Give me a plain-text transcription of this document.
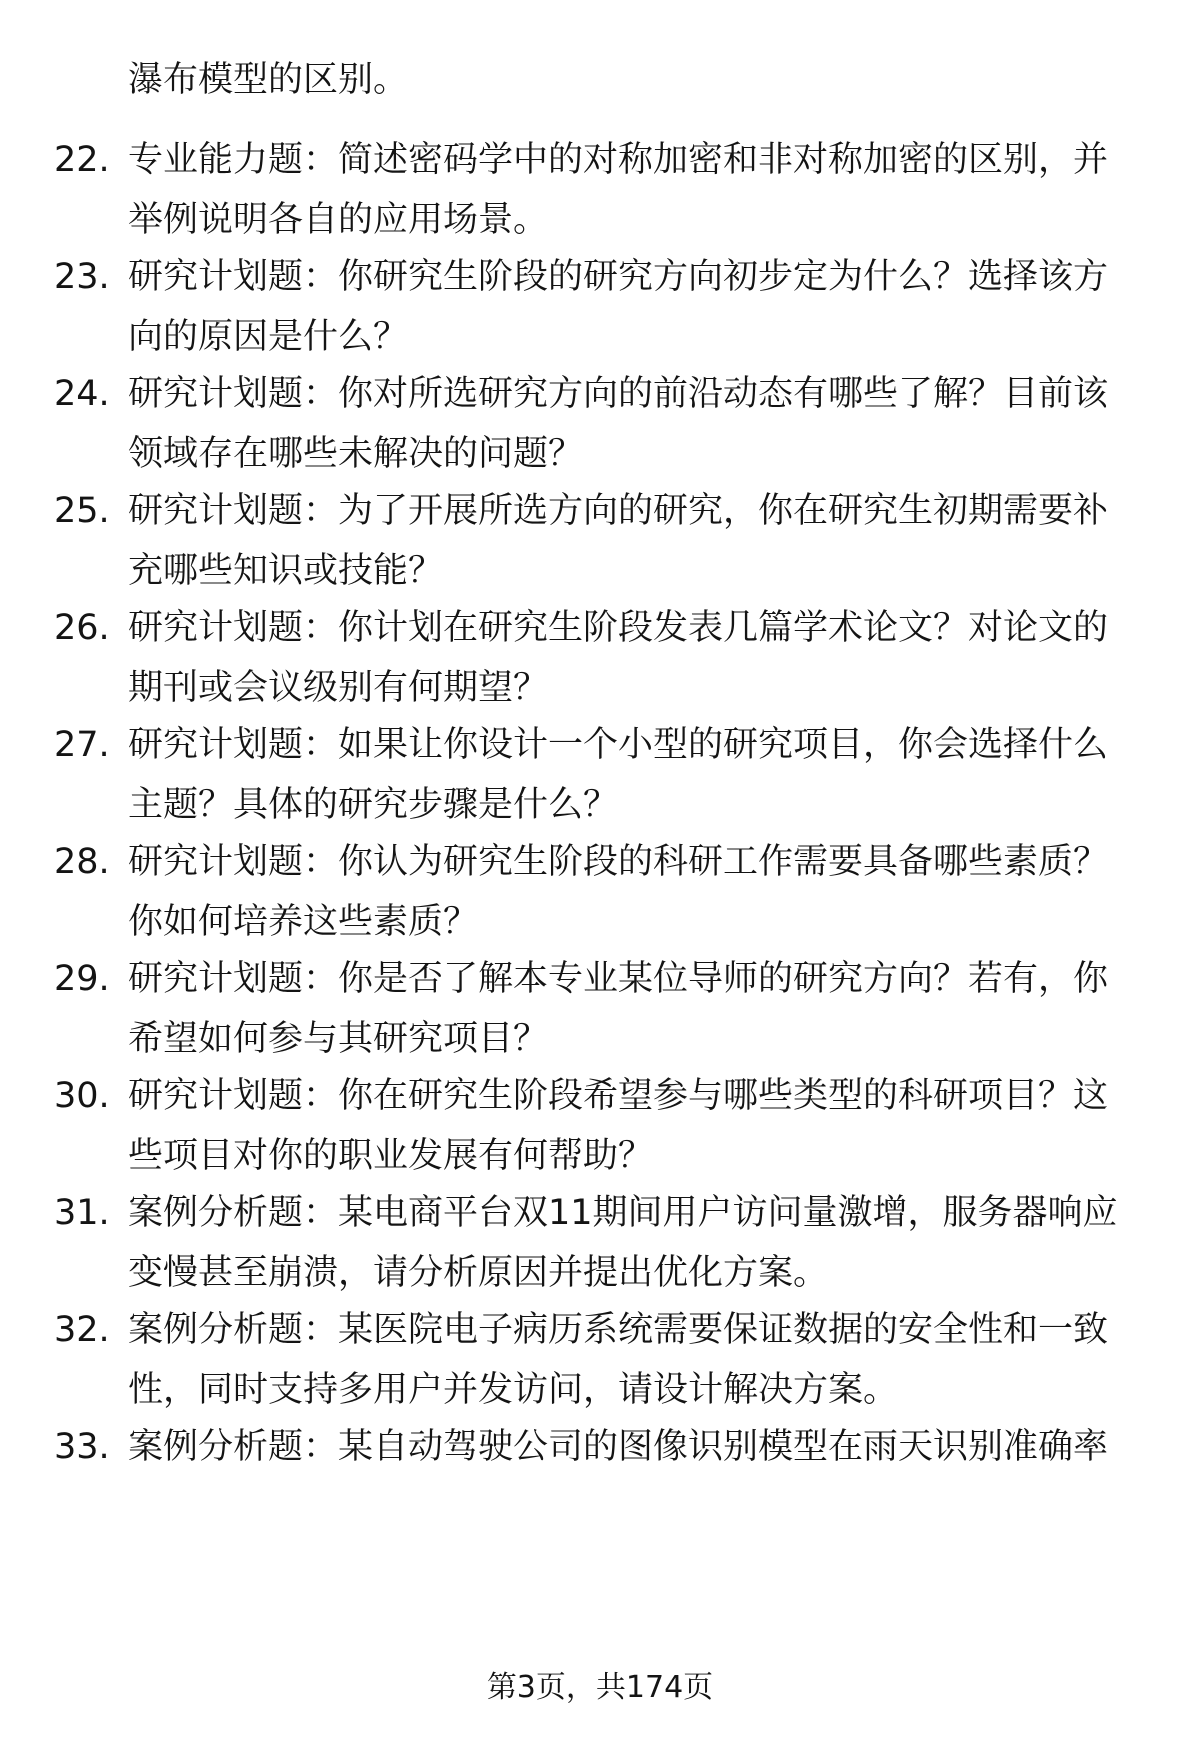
瀑布模型的区别。

22. 专业能力题：简述密码学中的对称加密和非对称加密的区别，并

举例说明各自的应用场景。

23. 研究计划题：你研究生阶段的研究方向初步定为什么？选择该方

向的原因是什么？

24. 研究计划题：你对所选研究方向的前沿动态有哪些了解？目前该

领域存在哪些未解决的问题？

25. 研究计划题：为了开展所选方向的研究，你在研究生初期需要补

充哪些知识或技能？

26. 研究计划题：你计划在研究生阶段发表几篇学术论文？对论文的

期刊或会议级别有何期望？

27. 研究计划题：如果让你设计一个小型的研究项目，你会选择什么

主题？具体的研究步骤是什么？

28. 研究计划题：你认为研究生阶段的科研工作需要具备哪些素质？

你如何培养这些素质？

29. 研究计划题：你是否了解本专业某位导师的研究方向？若有，你

希望如何参与其研究项目？

30. 研究计划题：你在研究生阶段希望参与哪些类型的科研项目？这

些项目对你的职业发展有何帮助？

31. 案例分析题：某电商平台双11期间用户访问量激增，服务器响应

变慢甚至崩溃，请分析原因并提出优化方案。

32. 案例分析题：某医院电子病历系统需要保证数据的安全性和一致

性，同时支持多用户并发访问，请设计解决方案。

33. 案例分析题：某自动驾驶公司的图像识别模型在雨天识别准确率

第3页，共174页
